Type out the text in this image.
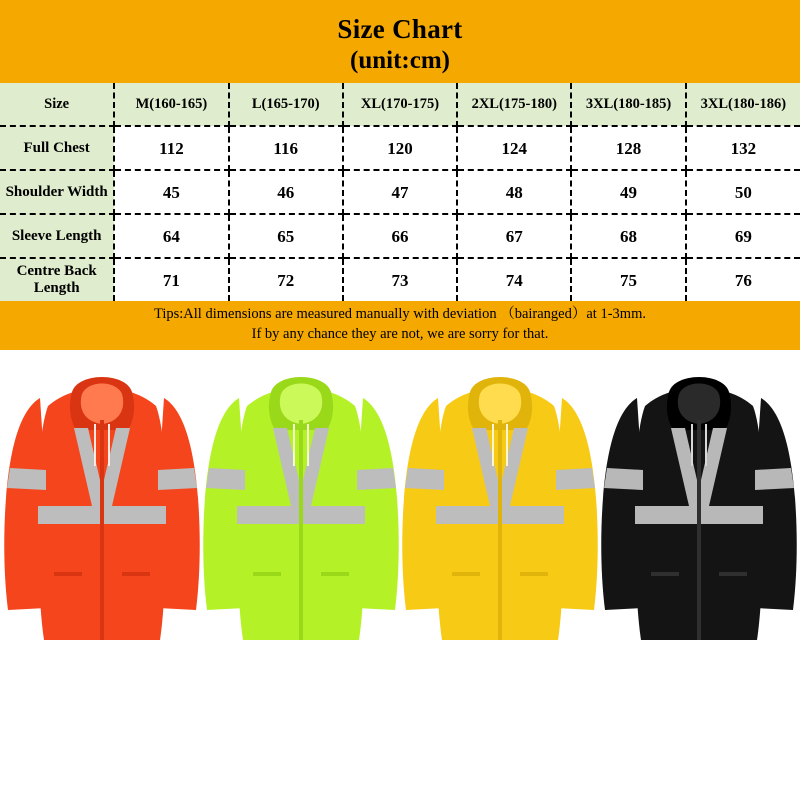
Size Chart
(unit:cm)
Size	M(160-165)	L(165-170)	XL(170-175)	2XL(175-180)	3XL(180-185)	3XL(180-186)
Full Chest	112	116	120	124	128	132
Shoulder Width	45	46	47	48	49	50
Sleeve Length	64	65	66	67	68	69
Centre Back Length	71	72	73	74	75	76
Tips:All dimensions are measured manually with deviation （bairanged）at 1-3mm.
If by any chance they are not, we are sorry for that.
